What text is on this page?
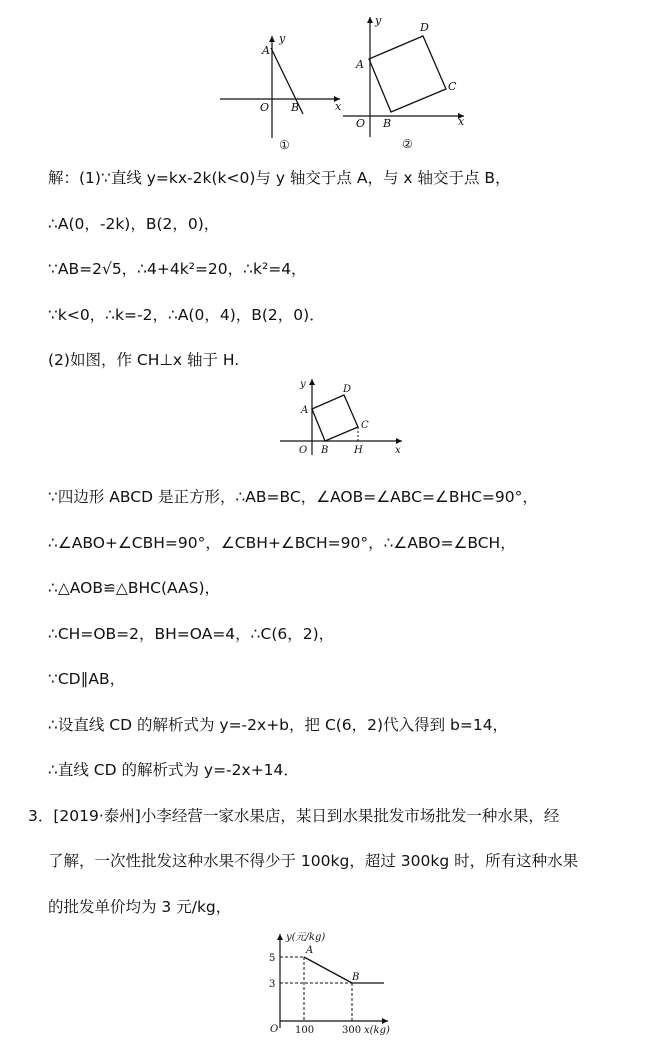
y
x
A
O B
①
y
x
A
D
C
O B
②
解：(1)∵直线 y=kx-2k(k<0)与 y 轴交于点 A，与 x 轴交于点 B，
∴A(0，-2k)，B(2，0)，
∵AB=2√5，∴4+4k²=20，∴k²=4，
∵k<0，∴k=-2，∴A(0，4)，B(2，0)．
(2)如图，作 CH⊥x 轴于 H.
y
x
A
D
C
O B	H
∵四边形 ABCD 是正方形，∴AB=BC，∠AOB=∠ABC=∠BHC=90°，
∴∠ABO+∠CBH=90°，∠CBH+∠BCH=90°，∴∠ABO=∠BCH，
∴△AOB≌△BHC(AAS)，
∴CH=OB=2，BH=OA=4，∴C(6，2)，
∵CD∥AB，
∴设直线 CD 的解析式为 y=-2x+b，把 C(6，2)代入得到 b=14，
∴直线 CD 的解析式为 y=-2x+14．
3．[2019·泰州]小李经营一家水果店，某日到水果批发市场批发一种水果，经
了解，一次性批发这种水果不得少于 100kg，超过 300kg 时，所有这种水果
的批发单价均为 3 元/kg，
y(元/kg)
x(kg)
A
B
O
5
3
100	300
